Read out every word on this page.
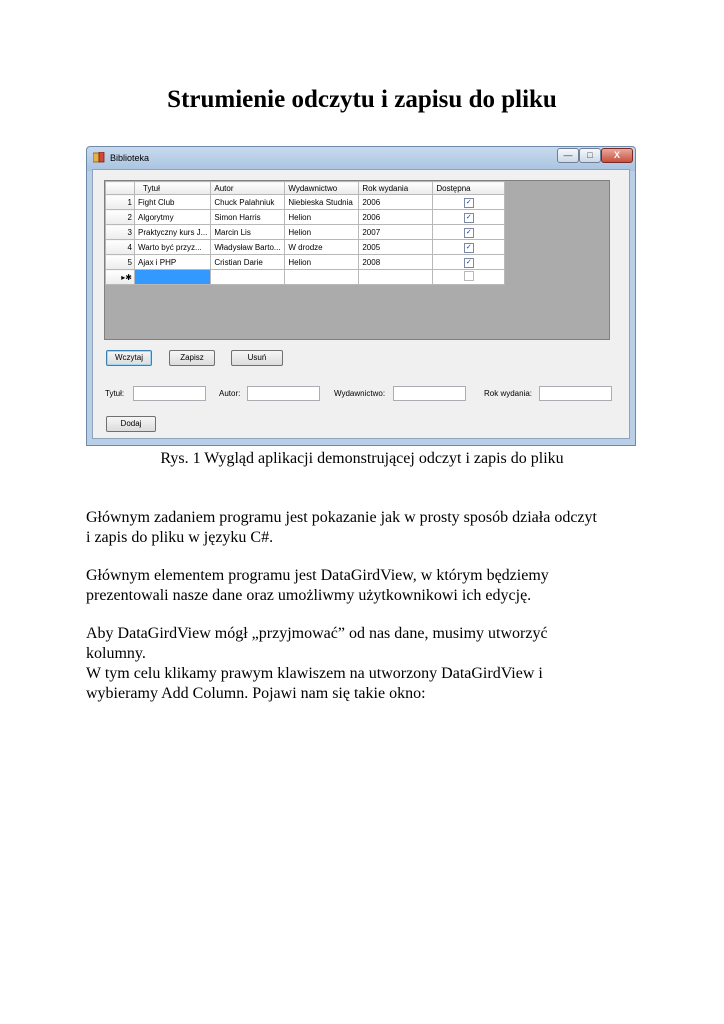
Strumienie odczytu i zapisu do pliku
Biblioteka	—	□	X
	Tytuł	Autor	Wydawnictwo	Rok wydania	Dostępna
1	Fight Club	Chuck Palahniuk	Niebieska Studnia	2006	✓
2	Algorytmy	Simon Harris	Helion	2006	✓
3	Praktyczny kurs J...	Marcin Lis	Helion	2007	✓
4	Warto być przyz...	Władysław Barto...	W drodze	2005	✓
5	Ajax i PHP	Cristian Darie	Helion	2008	✓
▸✱					
Wczytaj	Zapisz	Usuń
Tytuł:	Autor:	Wydawnictwo:	Rok wydania:
Dodaj

Rys. 1 Wygląd aplikacji demonstrującej odczyt i zapis do pliku

Głównym zadaniem programu jest pokazanie jak w prosty sposób działa odczyt
i zapis do pliku w języku C#.

Głównym elementem programu jest DataGirdView, w którym będziemy
prezentowali nasze dane oraz umożliwmy użytkownikowi ich edycję.

Aby DataGirdView mógł „przyjmować” od nas dane, musimy utworzyć
kolumny.
W tym celu klikamy prawym klawiszem na utworzony DataGirdView i
wybieramy Add Column. Pojawi nam się takie okno:
